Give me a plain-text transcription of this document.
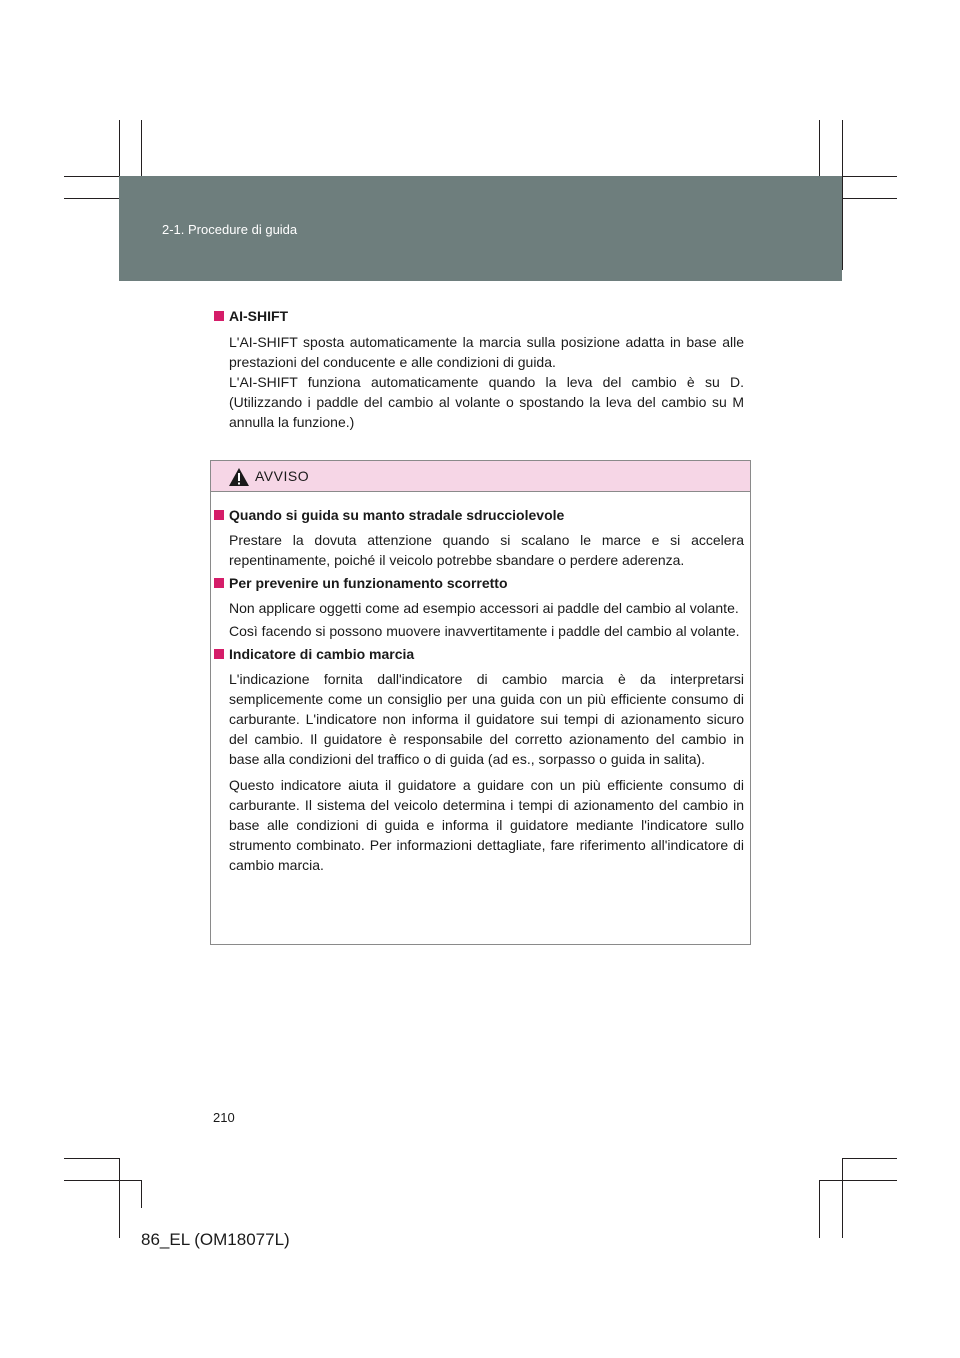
2-1. Procedure di guida
AI-SHIFT

L'AI-SHIFT sposta automaticamente la marcia sulla posizione adatta in base alle prestazioni del conducente e alle condizioni di guida.

L'AI-SHIFT funziona automaticamente quando la leva del cambio è su D. (Utilizzando i paddle del cambio al volante o spostando la leva del cambio su M annulla la funzione.)

AVVISO
Quando si guida su manto stradale sdrucciolevole

Prestare la dovuta attenzione quando si scalano le marce e si accelera repentinamente, poiché il veicolo potrebbe sbandare o perdere aderenza.

Per prevenire un funzionamento scorretto

Non applicare oggetti come ad esempio accessori ai paddle del cambio al volante.

Così facendo si possono muovere inavvertitamente i paddle del cambio al volante.

Indicatore di cambio marcia

L'indicazione fornita dall'indicatore di cambio marcia è da interpretarsi semplicemente come un consiglio per una guida con un più efficiente consumo di carburante. L'indicatore non informa il guidatore sui tempi di azionamento sicuro del cambio. Il guidatore è responsabile del corretto azionamento del cambio in base alla condizioni del traffico o di guida (ad es., sorpasso o guida in salita).

Questo indicatore aiuta il guidatore a guidare con un più efficiente consumo di carburante. Il sistema del veicolo determina i tempi di azionamento del cambio in base alle condizioni di guida e informa il guidatore mediante l'indicatore sullo strumento combinato. Per informazioni dettagliate, fare riferimento all'indicatore di cambio marcia.

210
86_EL (OM18077L)
